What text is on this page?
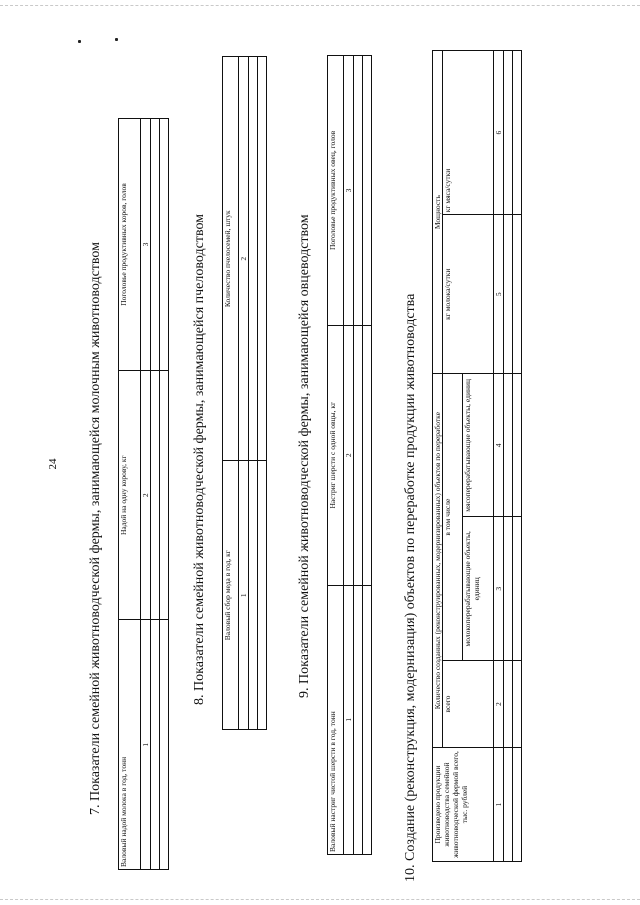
24 7. Показатели семейной животноводческой фермы, занимающейся молочным животноводством Валовый надой молока в год, тонн	Надой на одну корову, кг	Поголовье продуктивных коров, голов
1	2	3

			8. Показатели семейной животноводческой фермы, занимающейся пчеловодством Валовый сбор меда в год, кг	Количество пчелосемей, штук
1	2

		9. Показатели семейной животноводческой фермы, занимающейся овцеводством
Валовый настриг чистой шерсти в год, тонн	Настриг шерсти с одной овцы, кг	Поголовье продуктивных овец, голов
1	2	3

10. Создание (реконструкция, модернизация) объектов по переработке продукции животноводства Произведено продукции животноводства семейной животноводческой фермой всего, тыс. рублей	Количество созданных (реконструированных, модернизированных) объектов по переработке			Мощность	
	всего	в том числе		кг молока/сутки	кг мяса/сутки
		молокоперерабатывающие объекты, единиц	мясоперерабатывающие объекты, единиц		
1	2	3	4	5	6
